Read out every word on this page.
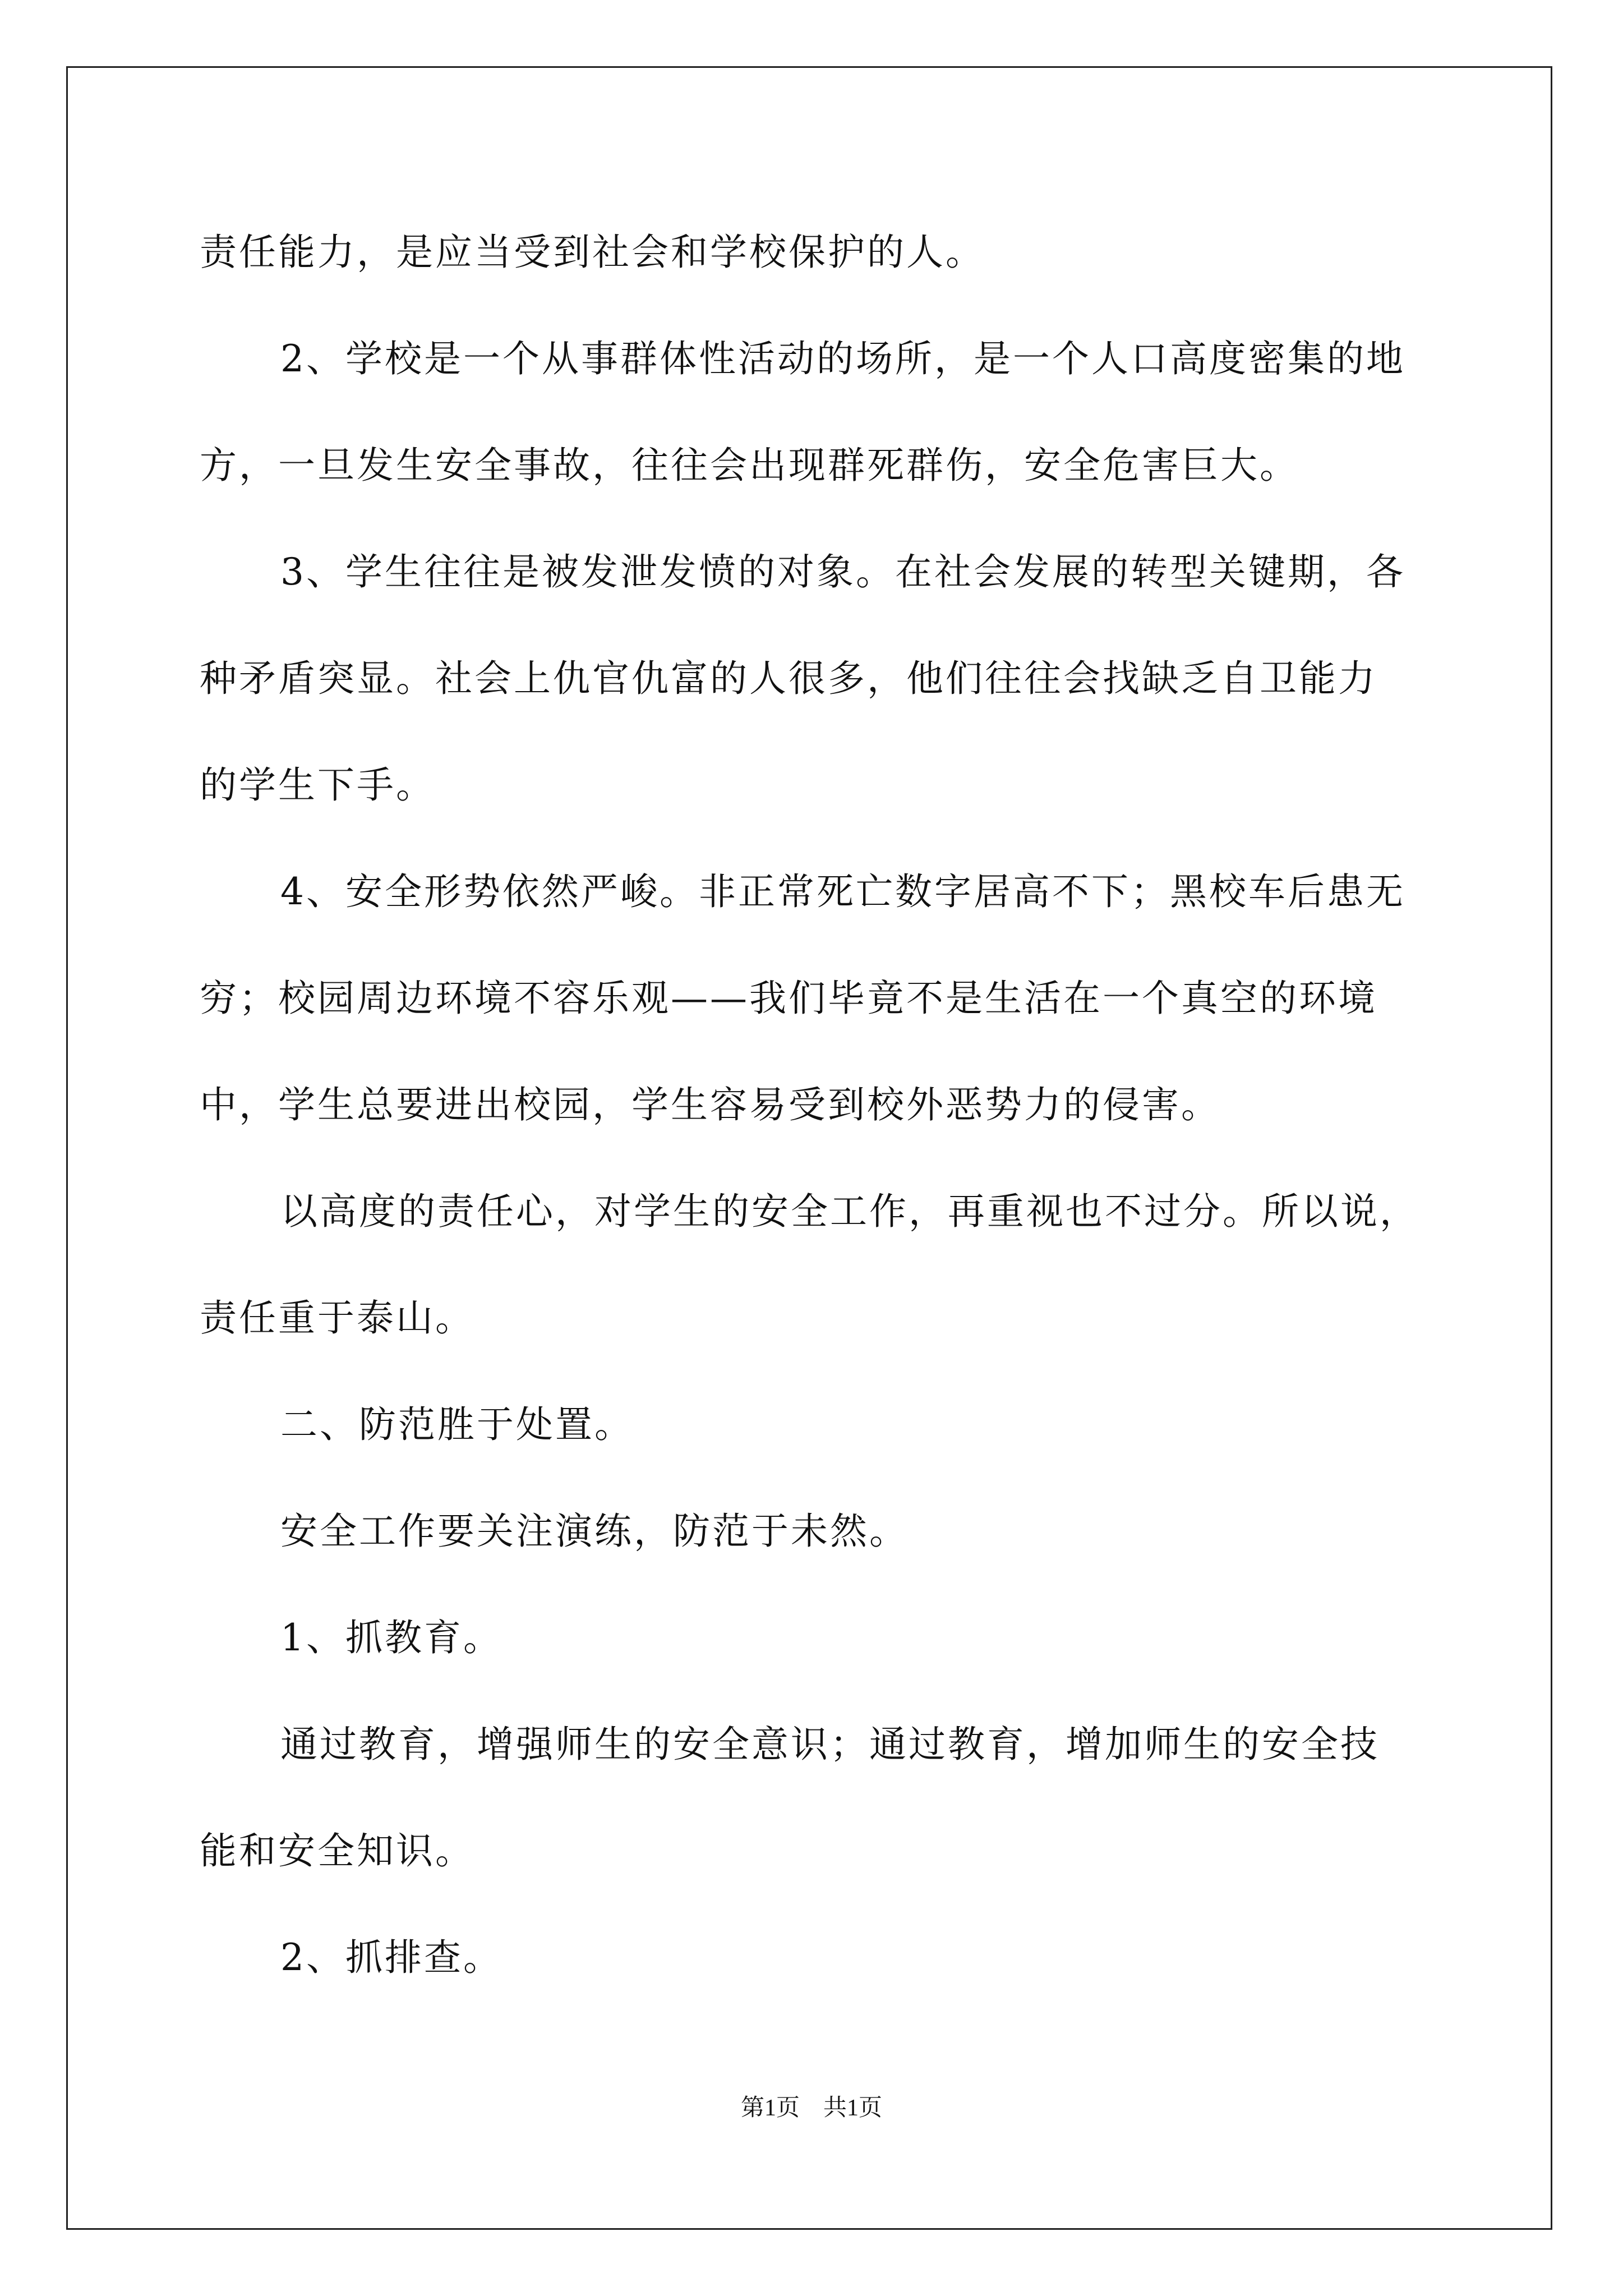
责任能力，是应当受到社会和学校保护的人。
2、学校是一个从事群体性活动的场所，是一个人口高度密集的地
方，一旦发生安全事故，往往会出现群死群伤，安全危害巨大。
3、学生往往是被发泄发愤的对象。在社会发展的转型关键期，各
种矛盾突显。社会上仇官仇富的人很多，他们往往会找缺乏自卫能力
的学生下手。
4、安全形势依然严峻。非正常死亡数字居高不下；黑校车后患无
穷；校园周边环境不容乐观——我们毕竟不是生活在一个真空的环境
中，学生总要进出校园，学生容易受到校外恶势力的侵害。
以高度的责任心，对学生的安全工作，再重视也不过分。所以说，
责任重于泰山。
二、防范胜于处置。
安全工作要关注演练，防范于未然。
1、抓教育。
通过教育，增强师生的安全意识；通过教育，增加师生的安全技
能和安全知识。
2、抓排查。
第1页　共1页
